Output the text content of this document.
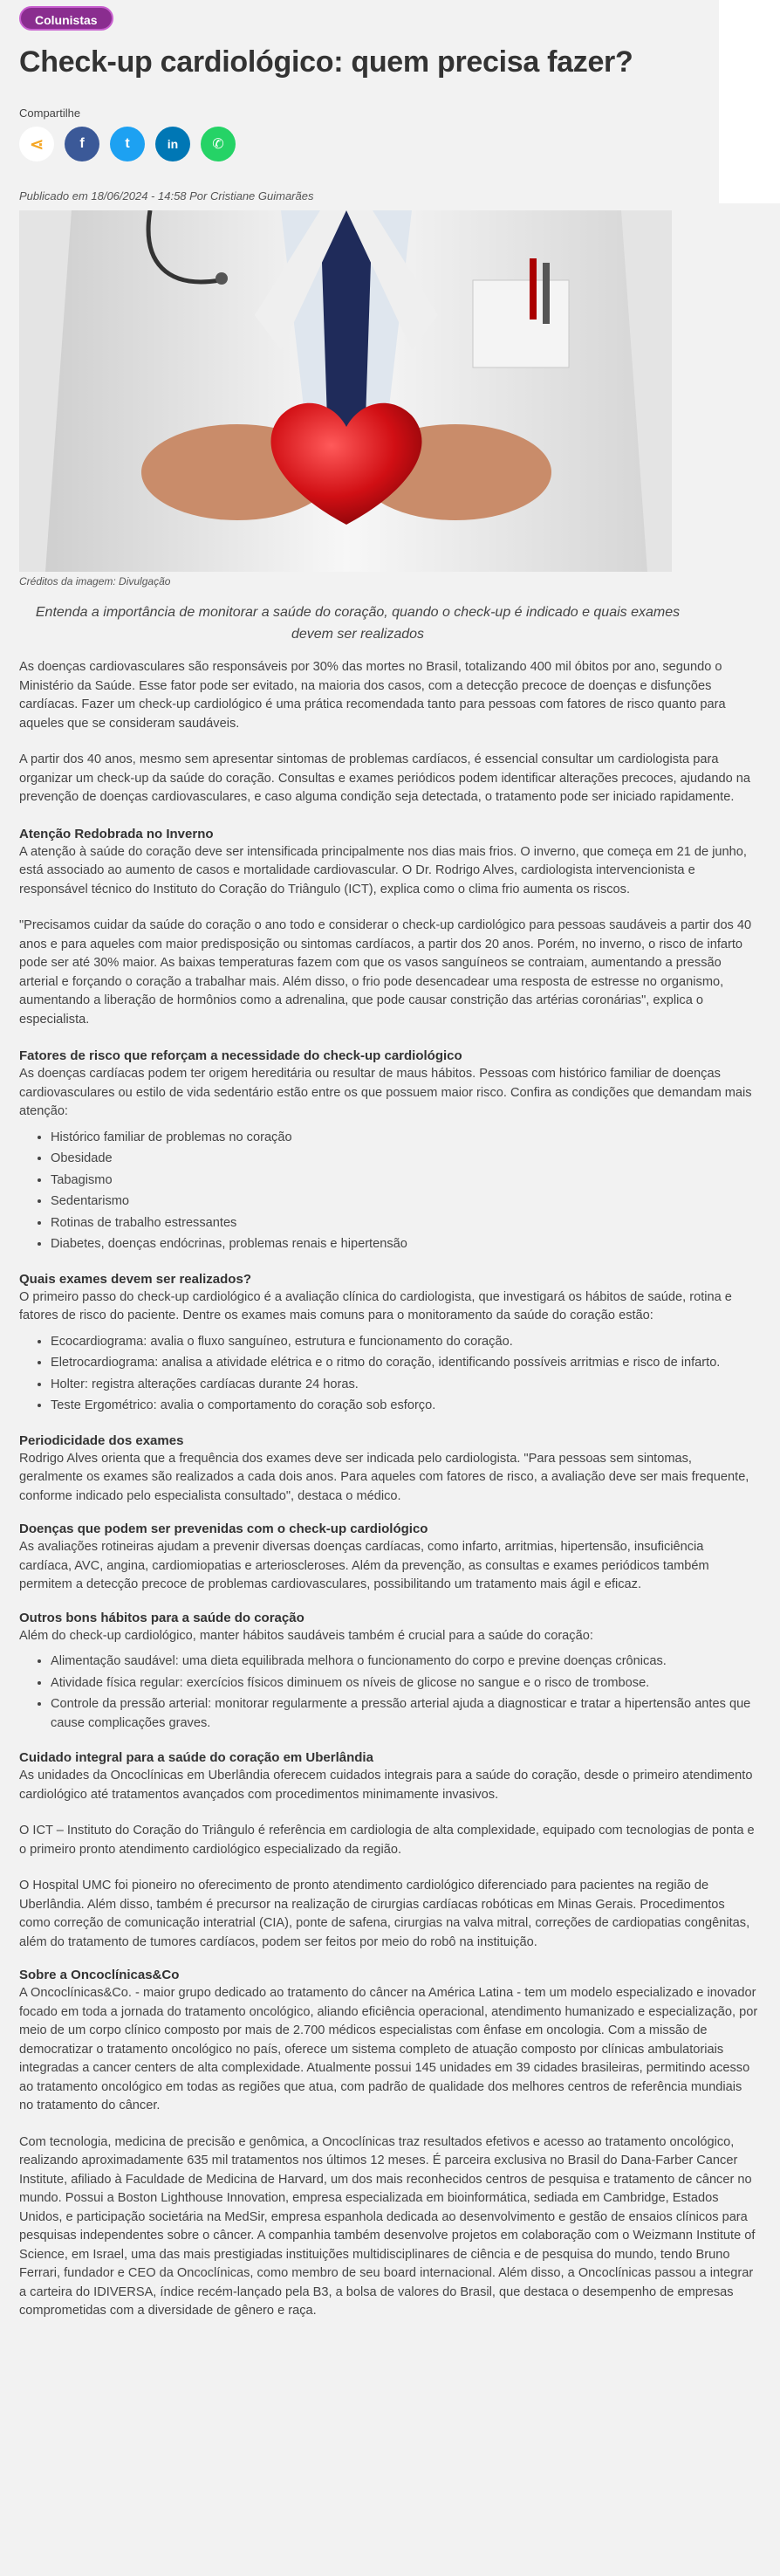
Colunistas
Check-up cardiológico: quem precisa fazer?
Compartilhe
⋖	f	t	in	✆
Publicado em 18/06/2024 - 14:58 Por Cristiane Guimarães
Créditos da imagem: Divulgação
Entenda a importância de monitorar a saúde do coração, quando o check-up é indicado e quais exames devem ser realizados

As doenças cardiovasculares são responsáveis por 30% das mortes no Brasil, totalizando 400 mil óbitos por ano, segundo o Ministério da Saúde. Esse fator pode ser evitado, na maioria dos casos, com a detecção precoce de doenças e disfunções cardíacas. Fazer um check-up cardiológico é uma prática recomendada tanto para pessoas com fatores de risco quanto para aqueles que se consideram saudáveis.

A partir dos 40 anos, mesmo sem apresentar sintomas de problemas cardíacos, é essencial consultar um cardiologista para organizar um check-up da saúde do coração. Consultas e exames periódicos podem identificar alterações precoces, ajudando na prevenção de doenças cardiovasculares, e caso alguma condição seja detectada, o tratamento pode ser iniciado rapidamente.

Atenção Redobrada no Inverno

A atenção à saúde do coração deve ser intensificada principalmente nos dias mais frios. O inverno, que começa em 21 de junho, está associado ao aumento de casos e mortalidade cardiovascular. O Dr. Rodrigo Alves, cardiologista intervencionista e responsável técnico do Instituto do Coração do Triângulo (ICT), explica como o clima frio aumenta os riscos.

"Precisamos cuidar da saúde do coração o ano todo e considerar o check-up cardiológico para pessoas saudáveis a partir dos 40 anos e para aqueles com maior predisposição ou sintomas cardíacos, a partir dos 20 anos. Porém, no inverno, o risco de infarto pode ser até 30% maior. As baixas temperaturas fazem com que os vasos sanguíneos se contraiam, aumentando a pressão arterial e forçando o coração a trabalhar mais. Além disso, o frio pode desencadear uma resposta de estresse no organismo, aumentando a liberação de hormônios como a adrenalina, que pode causar constrição das artérias coronárias", explica o especialista.

Fatores de risco que reforçam a necessidade do check-up cardiológico

As doenças cardíacas podem ter origem hereditária ou resultar de maus hábitos. Pessoas com histórico familiar de doenças cardiovasculares ou estilo de vida sedentário estão entre os que possuem maior risco. Confira as condições que demandam mais atenção:

• Histórico familiar de problemas no coração
• Obesidade
• Tabagismo
• Sedentarismo
• Rotinas de trabalho estressantes
• Diabetes, doenças endócrinas, problemas renais e hipertensão
Quais exames devem ser realizados?

O primeiro passo do check-up cardiológico é a avaliação clínica do cardiologista, que investigará os hábitos de saúde, rotina e fatores de risco do paciente. Dentre os exames mais comuns para o monitoramento da saúde do coração estão:

• Ecocardiograma: avalia o fluxo sanguíneo, estrutura e funcionamento do coração.
• Eletrocardiograma: analisa a atividade elétrica e o ritmo do coração, identificando possíveis arritmias e risco de infarto.
• Holter: registra alterações cardíacas durante 24 horas.
• Teste Ergométrico: avalia o comportamento do coração sob esforço.
Periodicidade dos exames

Rodrigo Alves orienta que a frequência dos exames deve ser indicada pelo cardiologista. "Para pessoas sem sintomas, geralmente os exames são realizados a cada dois anos. Para aqueles com fatores de risco, a avaliação deve ser mais frequente, conforme indicado pelo especialista consultado", destaca o médico.

Doenças que podem ser prevenidas com o check-up cardiológico

As avaliações rotineiras ajudam a prevenir diversas doenças cardíacas, como infarto, arritmias, hipertensão, insuficiência cardíaca, AVC, angina, cardiomiopatias e arterioscleroses. Além da prevenção, as consultas e exames periódicos também permitem a detecção precoce de problemas cardiovasculares, possibilitando um tratamento mais ágil e eficaz.

Outros bons hábitos para a saúde do coração

Além do check-up cardiológico, manter hábitos saudáveis também é crucial para a saúde do coração:

• Alimentação saudável: uma dieta equilibrada melhora o funcionamento do corpo e previne doenças crônicas.
• Atividade física regular: exercícios físicos diminuem os níveis de glicose no sangue e o risco de trombose.
• Controle da pressão arterial: monitorar regularmente a pressão arterial ajuda a diagnosticar e tratar a hipertensão antes que cause complicações graves.
Cuidado integral para a saúde do coração em Uberlândia

As unidades da Oncoclínicas em Uberlândia oferecem cuidados integrais para a saúde do coração, desde o primeiro atendimento cardiológico até tratamentos avançados com procedimentos minimamente invasivos.

O ICT – Instituto do Coração do Triângulo é referência em cardiologia de alta complexidade, equipado com tecnologias de ponta e o primeiro pronto atendimento cardiológico especializado da região.

O Hospital UMC foi pioneiro no oferecimento de pronto atendimento cardiológico diferenciado para pacientes na região de Uberlândia. Além disso, também é precursor na realização de cirurgias cardíacas robóticas em Minas Gerais. Procedimentos como correção de comunicação interatrial (CIA), ponte de safena, cirurgias na valva mitral, correções de cardiopatias congênitas, além do tratamento de tumores cardíacos, podem ser feitos por meio do robô na instituição.

Sobre a Oncoclínicas&Co

A Oncoclínicas&Co. - maior grupo dedicado ao tratamento do câncer na América Latina - tem um modelo especializado e inovador focado em toda a jornada do tratamento oncológico, aliando eficiência operacional, atendimento humanizado e especialização, por meio de um corpo clínico composto por mais de 2.700 médicos especialistas com ênfase em oncologia. Com a missão de democratizar o tratamento oncológico no país, oferece um sistema completo de atuação composto por clínicas ambulatoriais integradas a cancer centers de alta complexidade. Atualmente possui 145 unidades em 39 cidades brasileiras, permitindo acesso ao tratamento oncológico em todas as regiões que atua, com padrão de qualidade dos melhores centros de referência mundiais no tratamento do câncer.

Com tecnologia, medicina de precisão e genômica, a Oncoclínicas traz resultados efetivos e acesso ao tratamento oncológico, realizando aproximadamente 635 mil tratamentos nos últimos 12 meses. É parceira exclusiva no Brasil do Dana-Farber Cancer Institute, afiliado à Faculdade de Medicina de Harvard, um dos mais reconhecidos centros de pesquisa e tratamento de câncer no mundo. Possui a Boston Lighthouse Innovation, empresa especializada em bioinformática, sediada em Cambridge, Estados Unidos, e participação societária na MedSir, empresa espanhola dedicada ao desenvolvimento e gestão de ensaios clínicos para pesquisas independentes sobre o câncer. A companhia também desenvolve projetos em colaboração com o Weizmann Institute of Science, em Israel, uma das mais prestigiadas instituições multidisciplinares de ciência e de pesquisa do mundo, tendo Bruno Ferrari, fundador e CEO da Oncoclínicas, como membro de seu board internacional. Além disso, a Oncoclínicas passou a integrar a carteira do IDIVERSA, índice recém-lançado pela B3, a bolsa de valores do Brasil, que destaca o desempenho de empresas comprometidas com a diversidade de gênero e raça.
